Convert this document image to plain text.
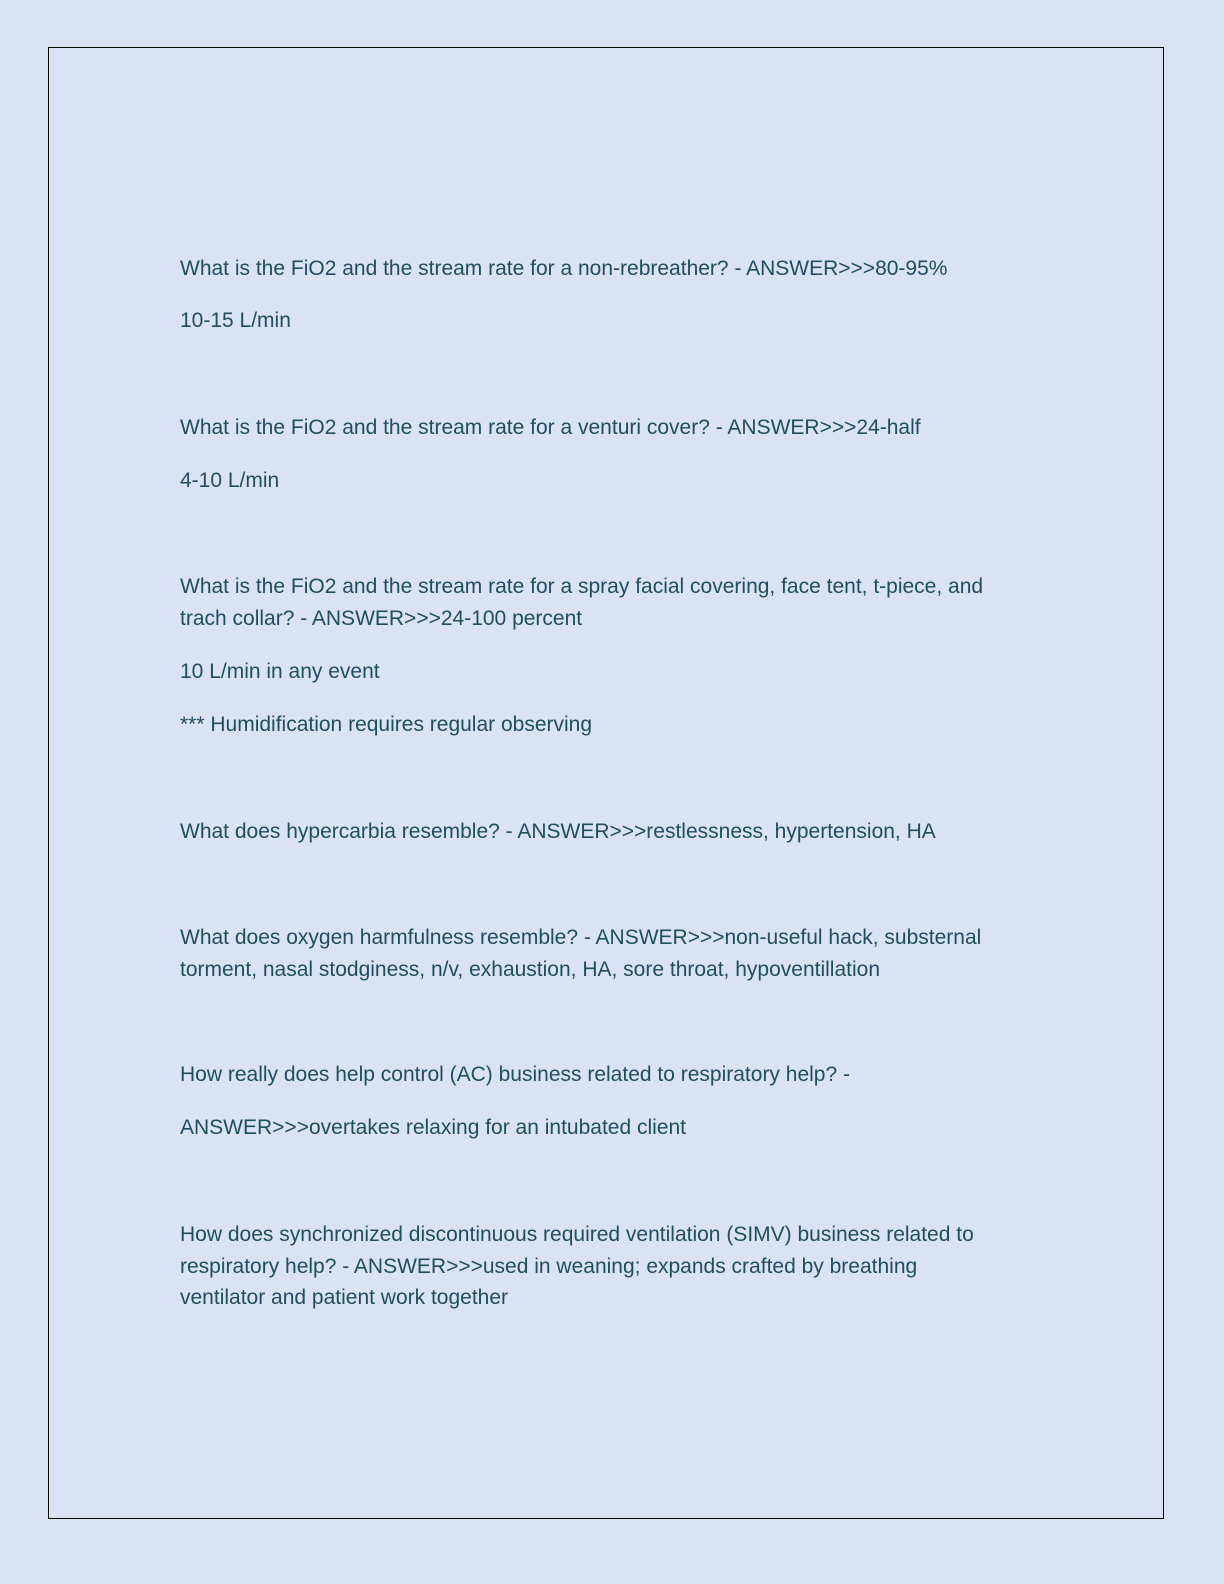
What is the FiO2 and the stream rate for a non-rebreather? - ANSWER>>>80-95%

10-15 L/min

What is the FiO2 and the stream rate for a venturi cover? - ANSWER>>>24-half

4-10 L/min

What is the FiO2 and the stream rate for a spray facial covering, face tent, t-piece, and

trach collar? - ANSWER>>>24-100 percent

10 L/min in any event

*** Humidification requires regular observing

What does hypercarbia resemble? - ANSWER>>>restlessness, hypertension, HA

What does oxygen harmfulness resemble? - ANSWER>>>non-useful hack, substernal

torment, nasal stodginess, n/v, exhaustion, HA, sore throat, hypoventillation

How really does help control (AC) business related to respiratory help? -

ANSWER>>>overtakes relaxing for an intubated client

How does synchronized discontinuous required ventilation (SIMV) business related to

respiratory help? - ANSWER>>>used in weaning; expands crafted by breathing

ventilator and patient work together
